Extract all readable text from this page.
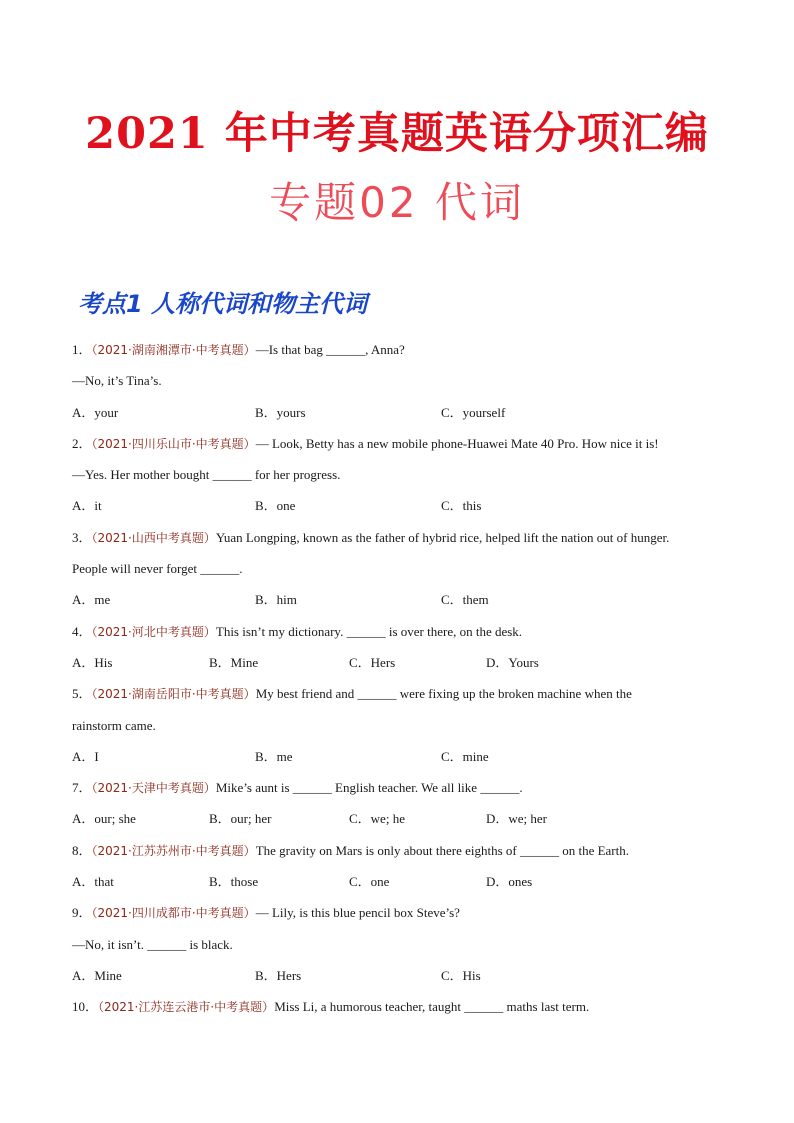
2021 年中考真题英语分项汇编
专题02 代词
考点1 人称代词和物主代词
1．（2021·湖南湘潭市·中考真题）—Is that bag ______, Anna?
—No, it’s Tina’s.
A．your	B．yours	C．yourself
2．（2021·四川乐山市·中考真题）— Look, Betty has a new mobile phone-Huawei Mate 40 Pro. How nice it is!
—Yes. Her mother bought ______ for her progress.
A．it	B．one	C．this
3．（2021·山西中考真题）Yuan Longping, known as the father of hybrid rice, helped lift the nation out of hunger.
People will never forget ______.
A．me	B．him	C．them
4．（2021·河北中考真题）This isn’t my dictionary. ______ is over there, on the desk.
A．His	B．Mine	C．Hers	D．Yours
5．（2021·湖南岳阳市·中考真题）My best friend and ______ were fixing up the broken machine when the
rainstorm came.
A．I	B．me	C．mine
7．（2021·天津中考真题）Mike’s aunt is ______ English teacher. We all like ______.
A．our; she	B．our; her	C．we; he	D．we; her
8．（2021·江苏苏州市·中考真题）The gravity on Mars is only about there eighths of ______ on the Earth.
A．that	B．those	C．one	D．ones
9．（2021·四川成都市·中考真题）— Lily, is this blue pencil box Steve’s?
—No, it isn’t. ______ is black.
A．Mine	B．Hers	C．His
10．（2021·江苏连云港市·中考真题）Miss Li, a humorous teacher, taught ______ maths last term.
